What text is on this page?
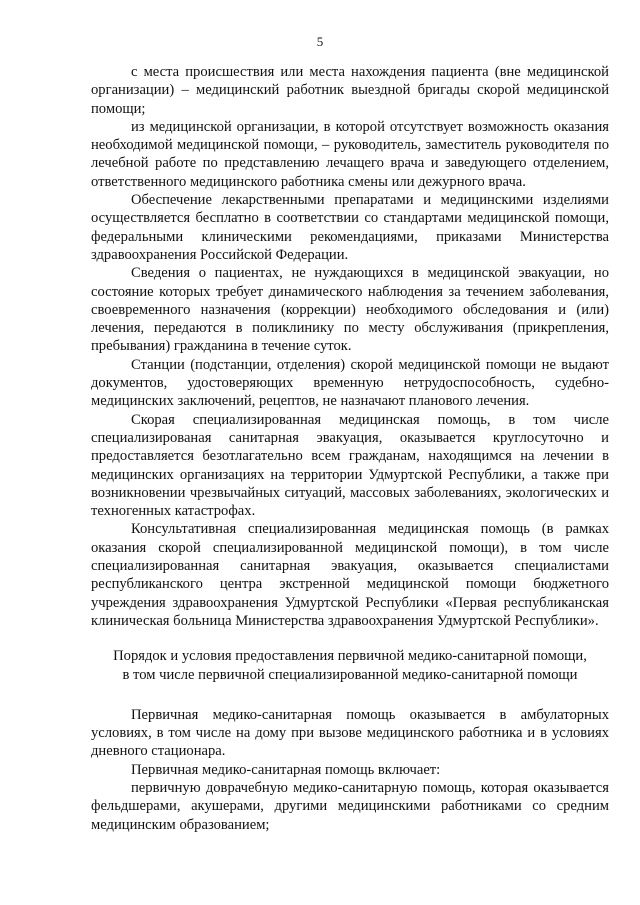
5

с места происшествия или места нахождения пациента (вне медицинской организации) – медицинский работник выездной бригады скорой медицинской помощи;

из медицинской организации, в которой отсутствует возможность оказания необходимой медицинской помощи, – руководитель, заместитель руководителя по лечебной работе по представлению лечащего врача и заведующего отделением, ответственного медицинского работника смены или дежурного врача.

Обеспечение лекарственными препаратами и медицинскими изделиями осуществляется бесплатно в соответствии со стандартами медицинской помощи, федеральными клиническими рекомендациями, приказами Министерства здравоохранения Российской Федерации.

Сведения о пациентах, не нуждающихся в медицинской эвакуации, но состояние которых требует динамического наблюдения за течением заболевания, своевременного назначения (коррекции) необходимого обследования и (или) лечения, передаются в поликлинику по месту обслуживания (прикрепления, пребывания) гражданина в течение суток.

Станции (подстанции, отделения) скорой медицинской помощи не выдают документов, удостоверяющих временную нетрудоспособность, судебно-медицинских заключений, рецептов, не назначают планового лечения.

Скорая специализированная медицинская помощь, в том числе специализированая санитарная эвакуация, оказывается круглосуточно и предоставляется безотлагательно всем гражданам, находящимся на лечении в медицинских организациях на территории Удмуртской Республики, а также при возникновении чрезвычайных ситуаций, массовых заболеваниях, экологических и техногенных катастрофах.

Консультативная специализированная медицинская помощь (в рамках оказания скорой специализированной медицинской помощи), в том числе специализированная санитарная эвакуация, оказывается специалистами республиканского центра экстренной медицинской помощи бюджетного учреждения здравоохранения Удмуртской Республики «Первая республиканская клиническая больница Министерства здравоохранения Удмуртской Республики».

Порядок и условия предоставления первичной медико-санитарной помощи,
в том числе первичной специализированной медико-санитарной помощи

Первичная медико-санитарная помощь оказывается в амбулаторных условиях, в том числе на дому при вызове медицинского работника и в условиях дневного стационара.

Первичная медико-санитарная помощь включает:

первичную доврачебную медико-санитарную помощь, которая оказывается фельдшерами, акушерами, другими медицинскими работниками со средним медицинским образованием;
